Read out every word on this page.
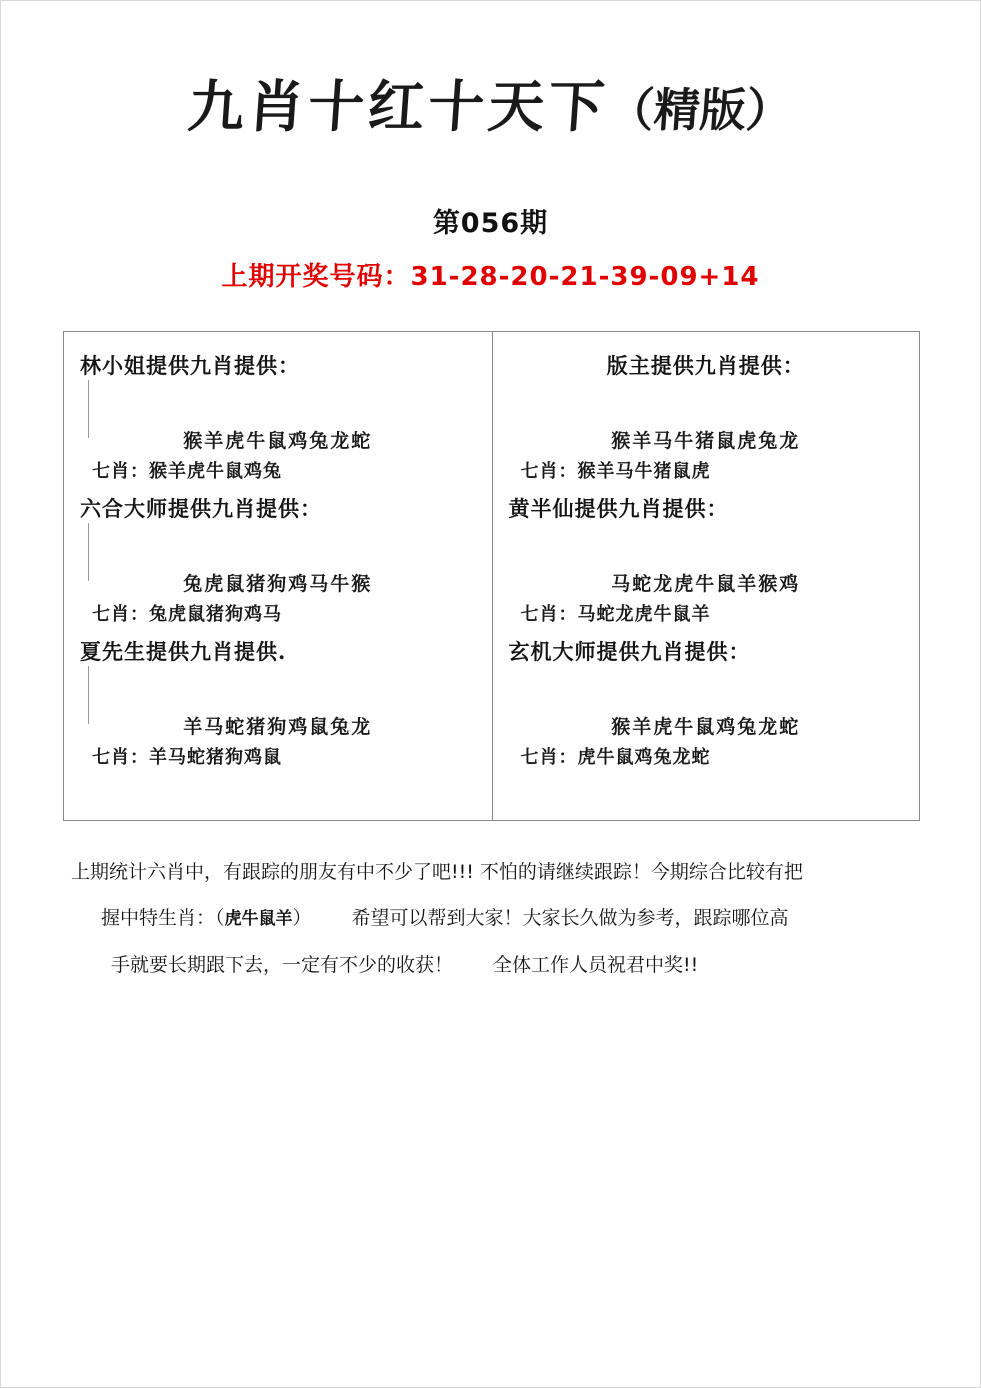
九肖十红十天下（精版）
第056期
上期开奖号码：31-28-20-21-39-09+14
林小姐提供九肖提供：
猴羊虎牛鼠鸡兔龙蛇
七肖：猴羊虎牛鼠鸡兔
六合大师提供九肖提供：
兔虎鼠猪狗鸡马牛猴
七肖：兔虎鼠猪狗鸡马
夏先生提供九肖提供.
羊马蛇猪狗鸡鼠兔龙
七肖：羊马蛇猪狗鸡鼠
版主提供九肖提供：
猴羊马牛猪鼠虎兔龙
七肖：猴羊马牛猪鼠虎
黄半仙提供九肖提供：
马蛇龙虎牛鼠羊猴鸡
七肖：马蛇龙虎牛鼠羊
玄机大师提供九肖提供：
猴羊虎牛鼠鸡兔龙蛇
七肖：虎牛鼠鸡兔龙蛇
上期统计六肖中，有跟踪的朋友有中不少了吧!!! 不怕的请继续跟踪！今期综合比较有把
握中特生肖：（虎牛鼠羊） 希望可以帮到大家！大家长久做为参考，跟踪哪位高
手就要长期跟下去，一定有不少的收获！ 全体工作人员祝君中奖!!
